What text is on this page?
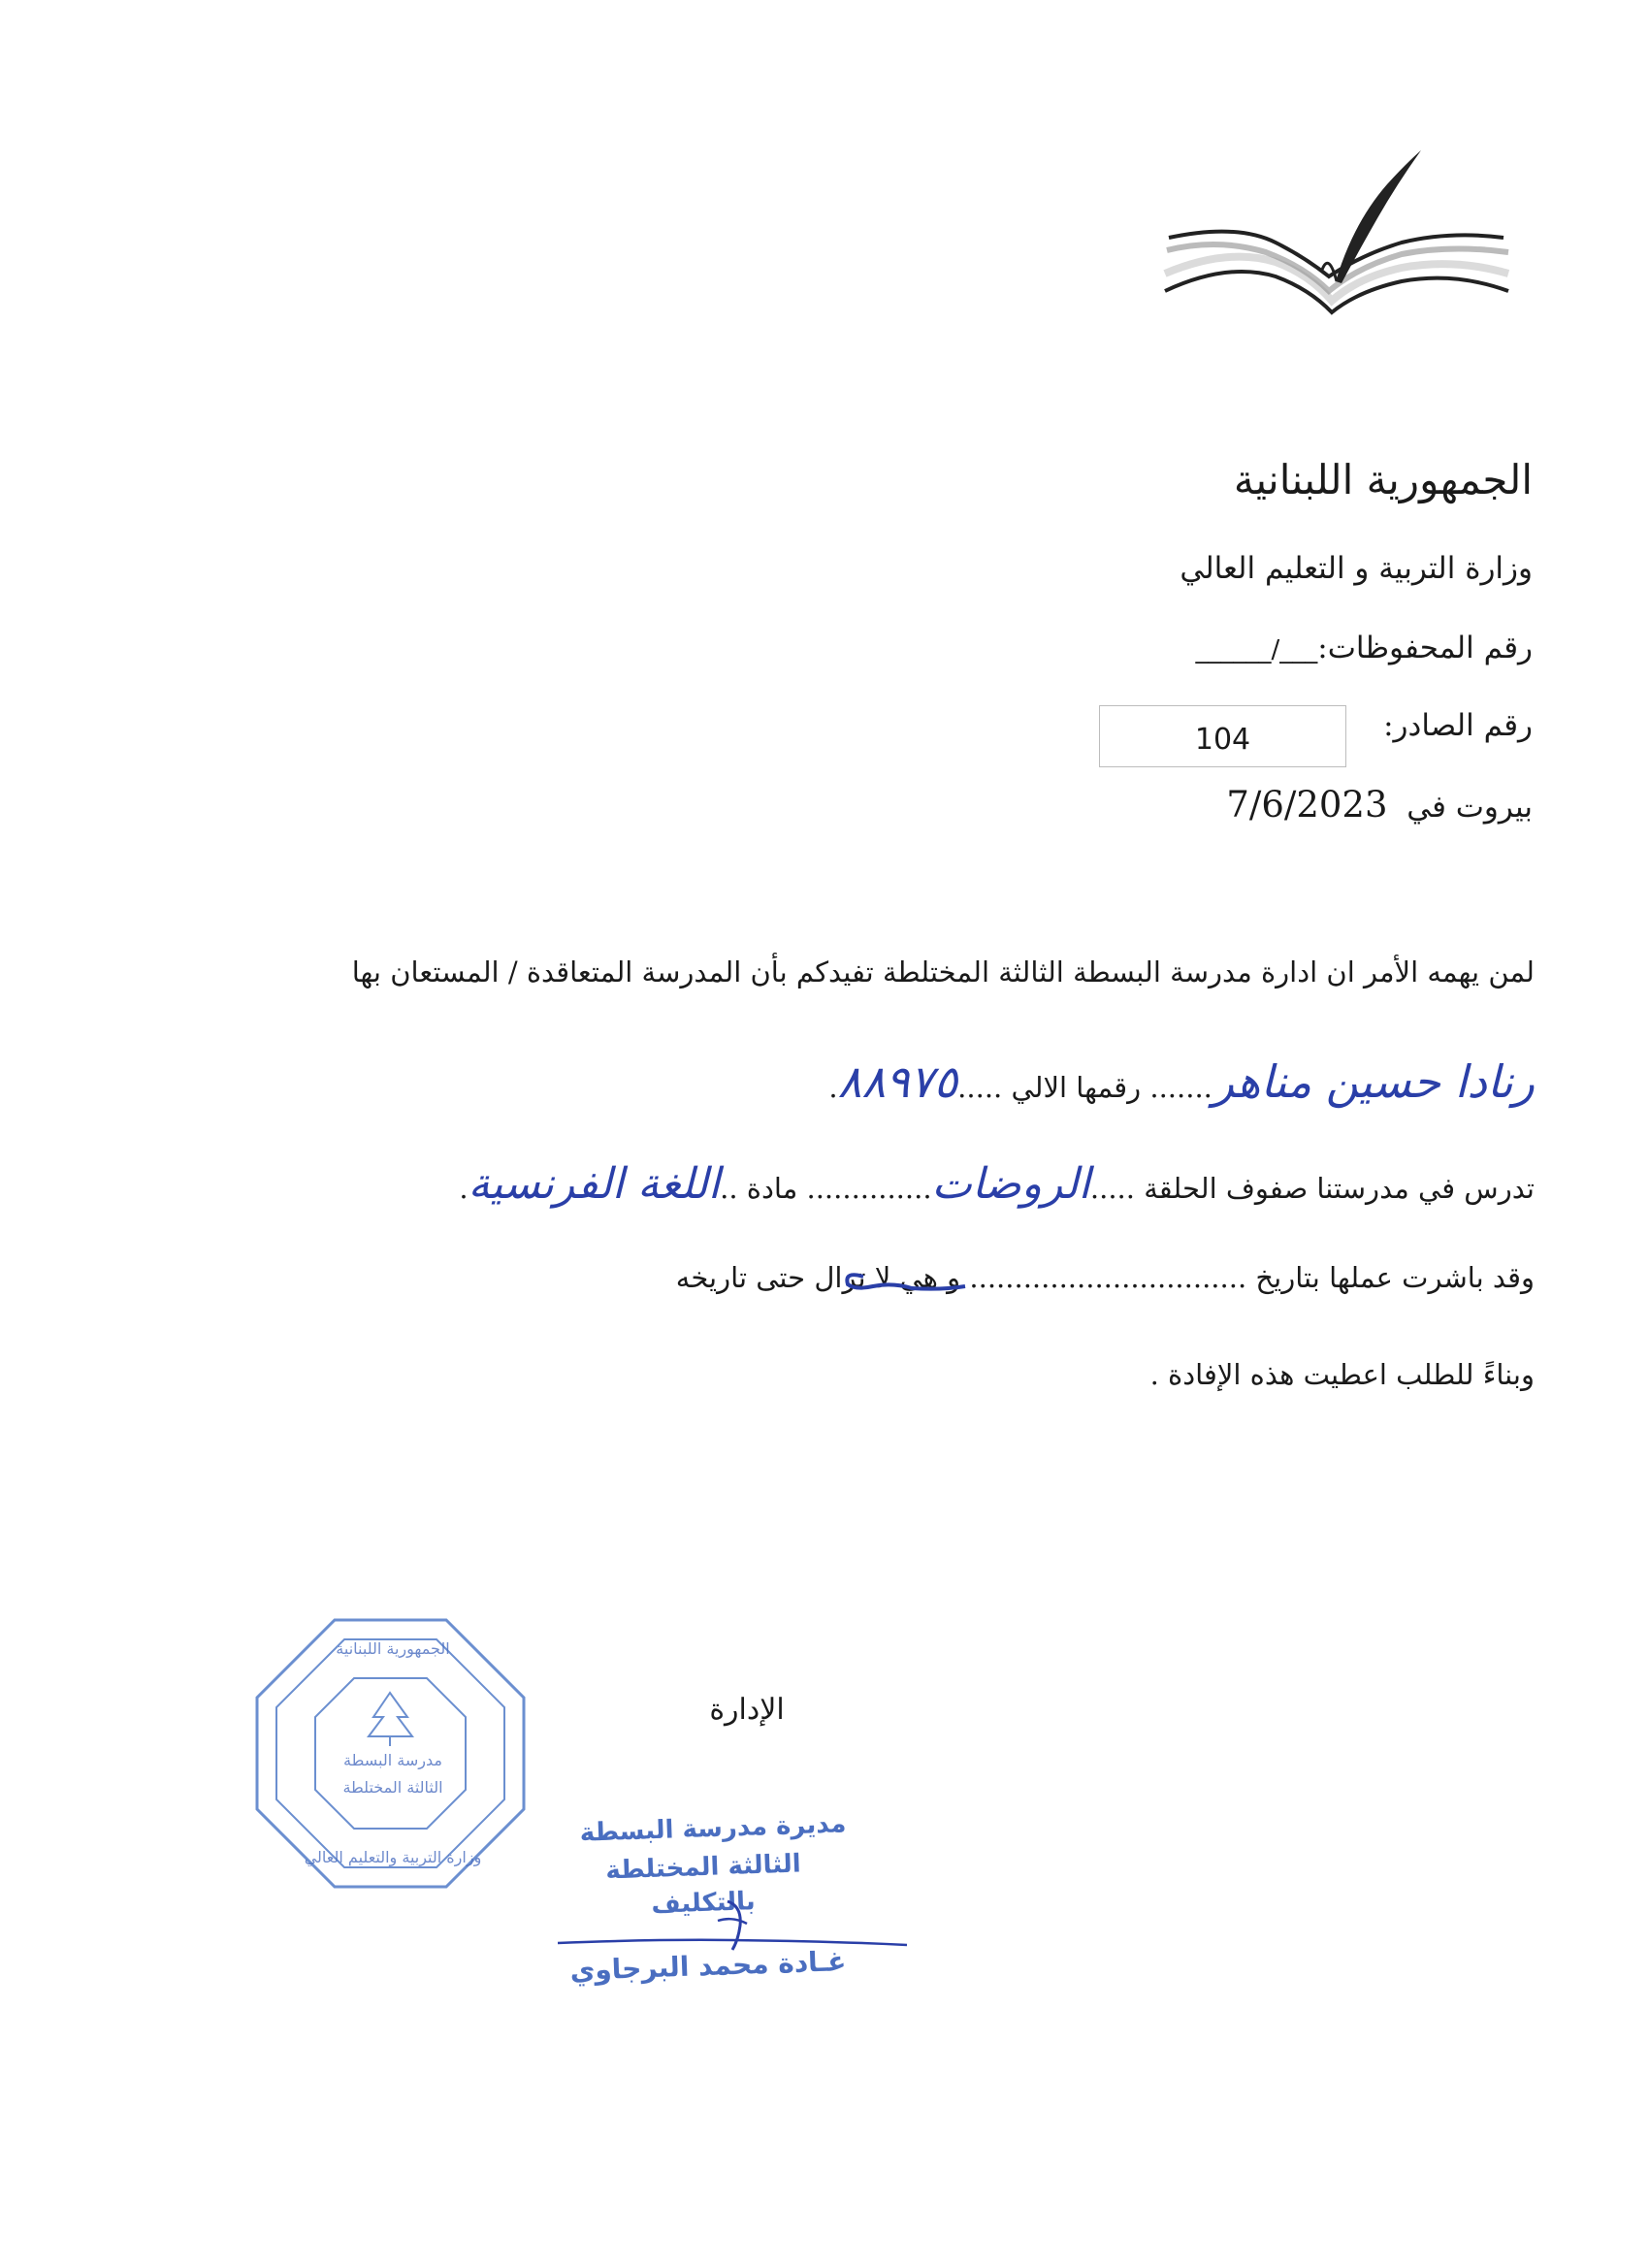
الجمهورية اللبنانية
وزارة التربية و التعليم العالي
رقم المحفوظات:___/______
رقم الصادر:
104
بيروت في  7/6/2023
لمن يهمه الأمر ان ادارة مدرسة البسطة الثالثة المختلطة تفيدكم بأن المدرسة المتعاقدة / المستعان بها
رنادا حسين مناهر....... رقمها الالي .....٨٨٩٧٥.
تدرس في مدرستنا صفوف الحلقة .....الروضات.............. مادة ..اللغة الفرنسية.
وقد باشرت عملها بتاريخ ............................... و هي لا تزال حتى تاريخه
وبناءً للطلب اعطيت هذه الإفادة .
الإدارة
الجمهورية اللبنانية
مدرسة البسطة
الثالثة المختلطة
وزارة التربية والتعليم العالي
مديرة مدرسة البسطة
الثالثة المختلطة
بالتكليف
غـادة محمد البرجاوي
